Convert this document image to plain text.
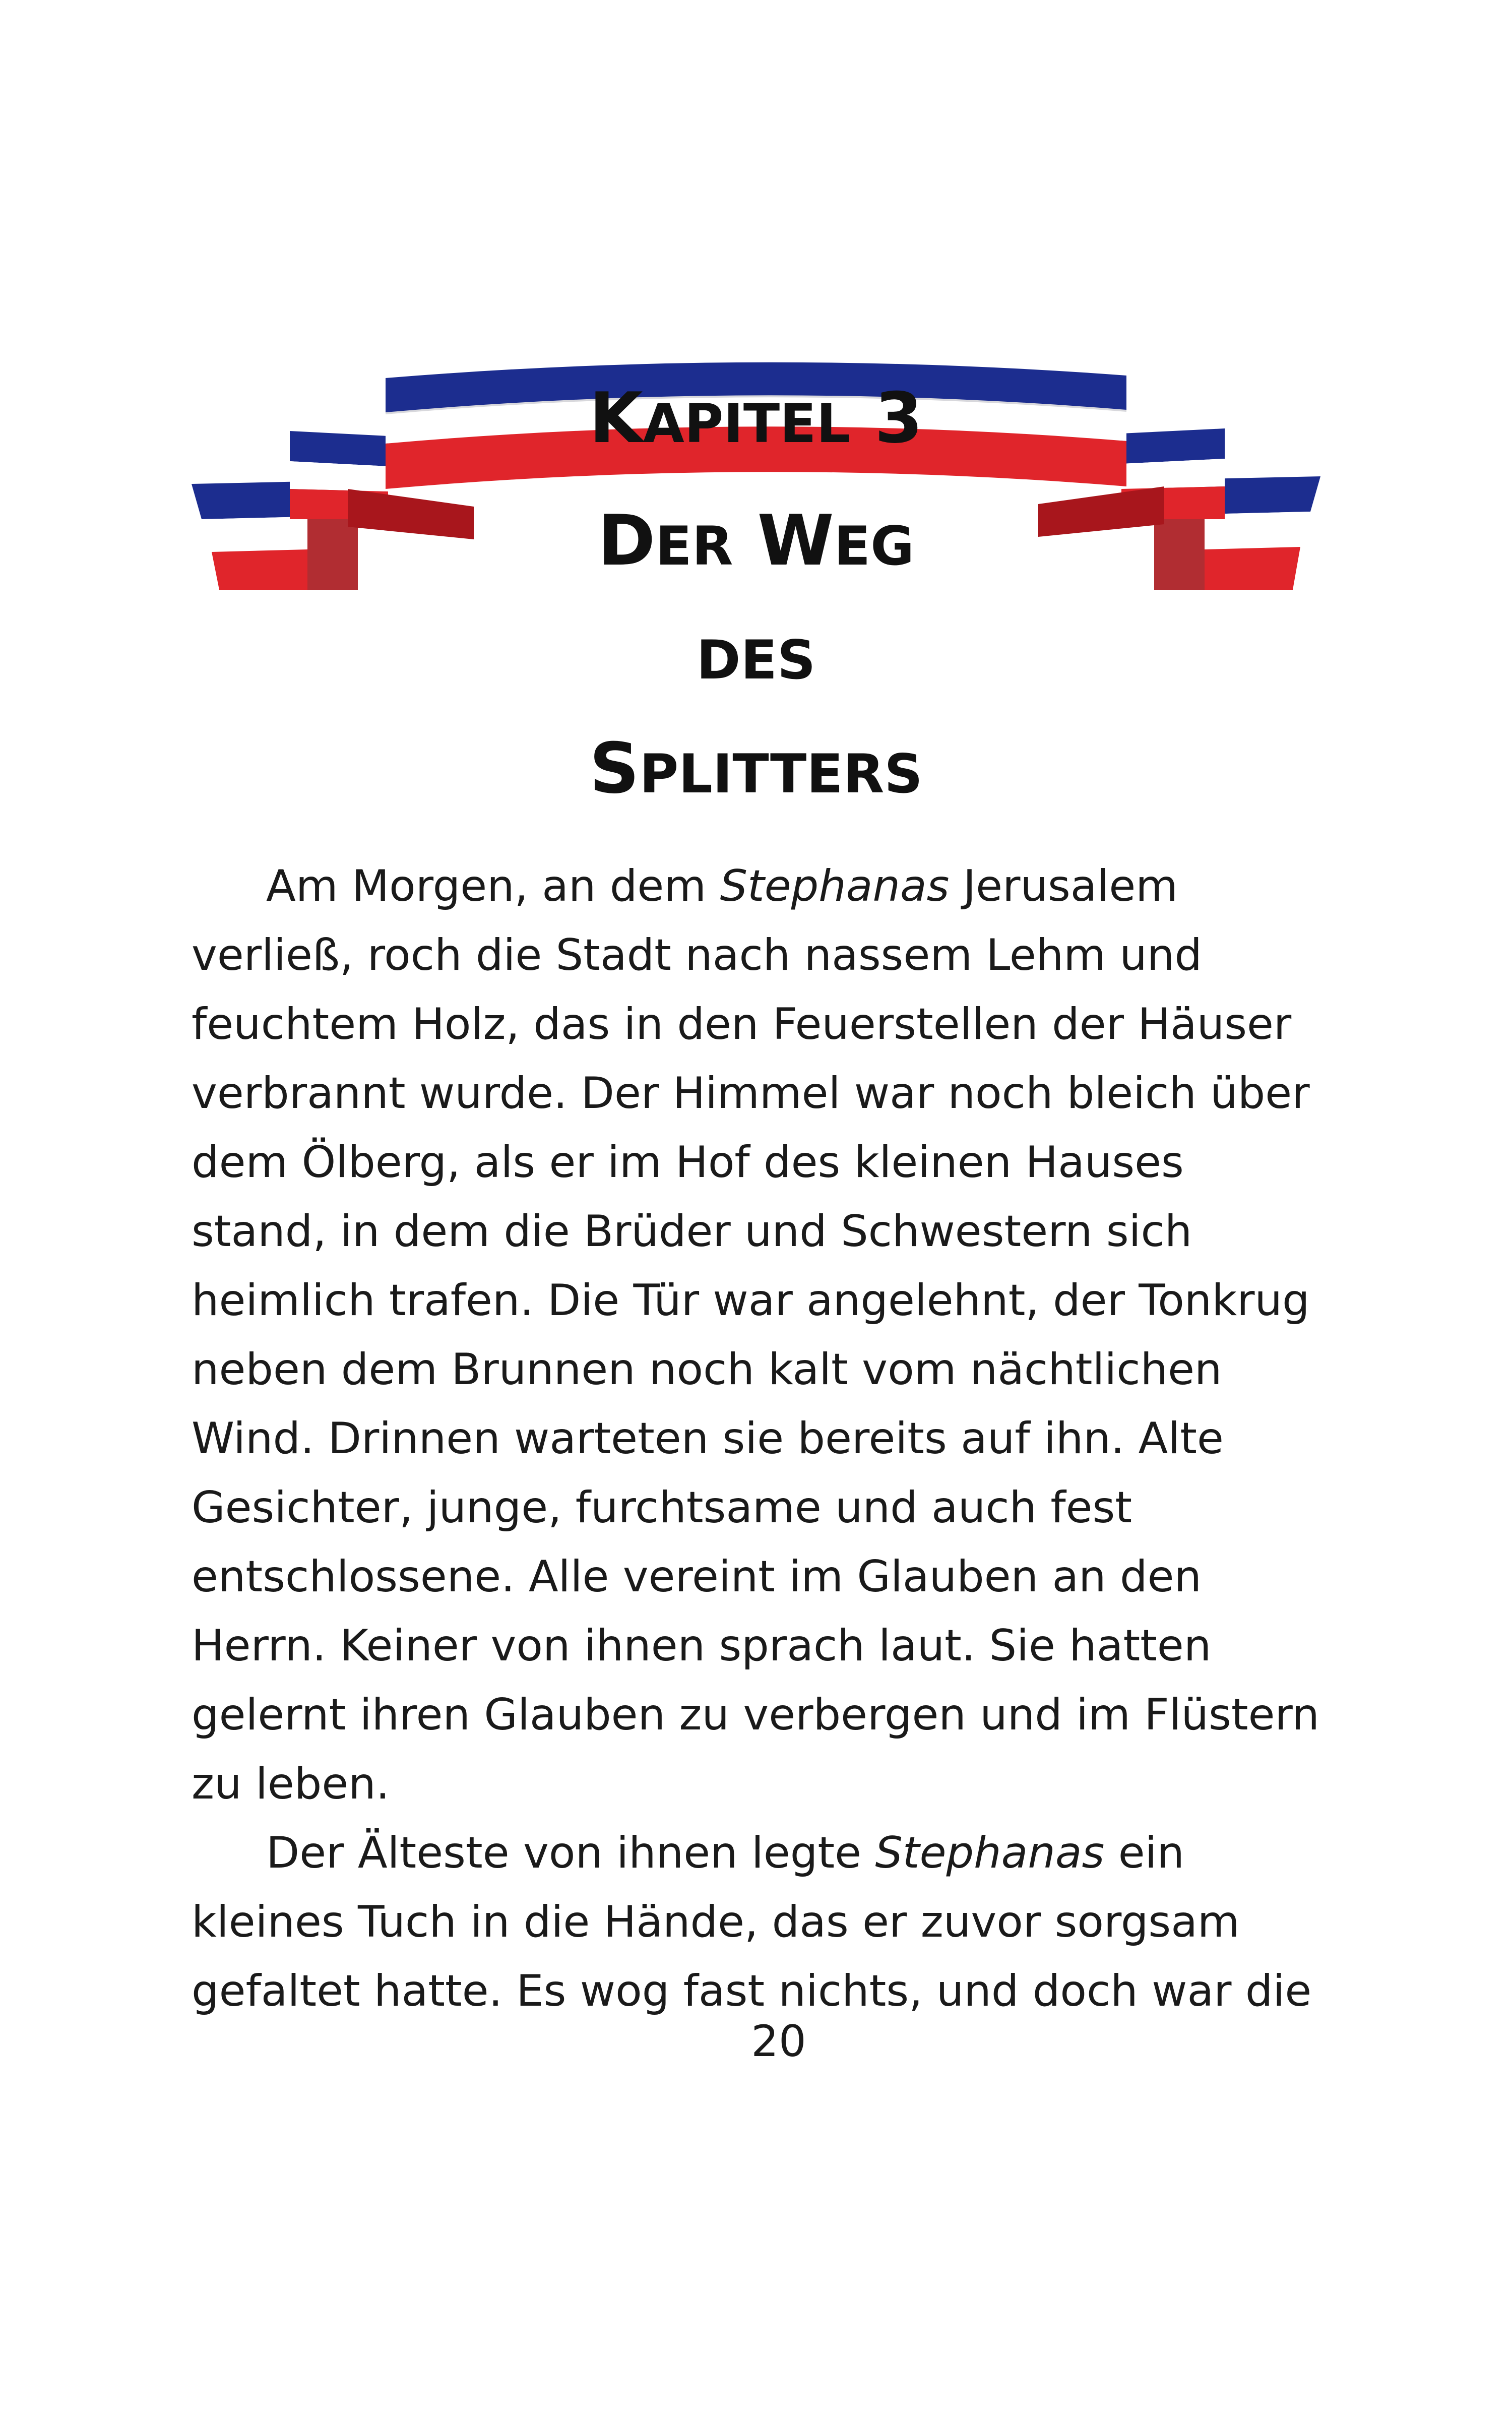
KAPITEL 3
DER WEG DES SPLITTERS

Am Morgen, an dem Stephanas Jerusalem verließ, roch die Stadt nach nassem Lehm und feuchtem Holz, das in den Feuerstellen der Häuser verbrannt wurde. Der Himmel war noch bleich über dem Ölberg, als er im Hof des kleinen Hauses stand, in dem die Brüder und Schwestern sich heimlich trafen. Die Tür war angelehnt, der Tonkrug neben dem Brunnen noch kalt vom nächtlichen Wind. Drinnen warteten sie bereits auf ihn. Alte Gesichter, junge, furchtsame und auch fest entschlossene. Alle vereint im Glauben an den Herrn. Keiner von ihnen sprach laut. Sie hatten gelernt ihren Glauben zu verbergen und im Flüstern zu leben.

Der Älteste von ihnen legte Stephanas ein kleines Tuch in die Hände, das er zuvor sorgsam gefaltet hatte. Es wog fast nichts, und doch war die

20
